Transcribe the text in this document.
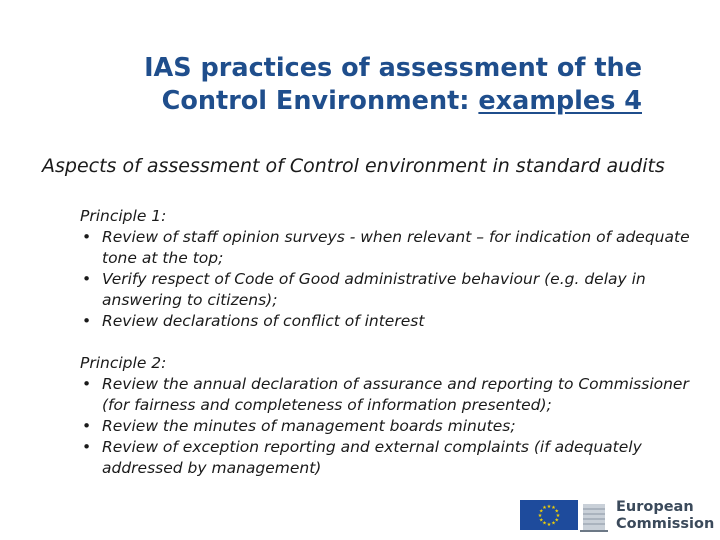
IAS practices of assessment of the
Control Environment: examples 4

Aspects of assessment of Control environment in standard audits

Principle 1:

• Review of staff opinion surveys - when relevant – for indication of adequate tone at the top;
• Verify respect of Code of Good administrative behaviour (e.g. delay in answering to citizens);
• Review declarations of conflict of interest

Principle 2:

• Review the annual declaration of assurance and reporting to Commissioner (for fairness and completeness of information presented);
• Review the minutes of management boards minutes;
• Review of exception reporting and external complaints (if adequately addressed by management)
★ ★
★
★
★
★
★
★
★
★
★
★	European
Commission
